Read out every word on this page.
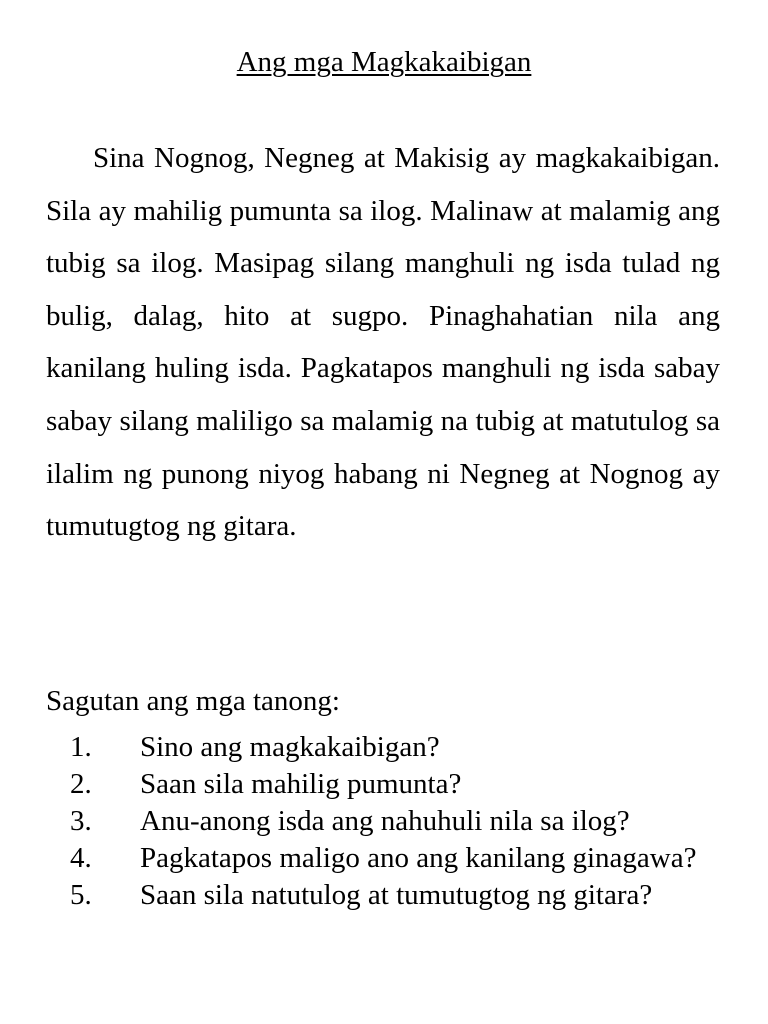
Ang mga Magkakaibigan

Sina Nognog, Negneg at Makisig ay magkakaibigan. Sila ay mahilig pumunta sa ilog. Malinaw at malamig ang tubig sa ilog. Masipag silang manghuli ng isda tulad ng bulig, dalag, hito at sugpo. Pinaghahatian nila ang kanilang huling isda. Pagkatapos manghuli ng isda sabay sabay silang maliligo sa malamig na tubig at matutulog sa ilalim ng punong niyog habang ni Negneg at Nognog ay tumutugtog ng gitara.

Sagutan ang mga tanong:

1. Sino ang magkakaibigan?
2. Saan sila mahilig pumunta?
3. Anu-anong isda ang nahuhuli nila sa ilog?
4. Pagkatapos maligo ano ang kanilang ginagawa?
5. Saan sila natutulog at tumutugtog ng gitara?
